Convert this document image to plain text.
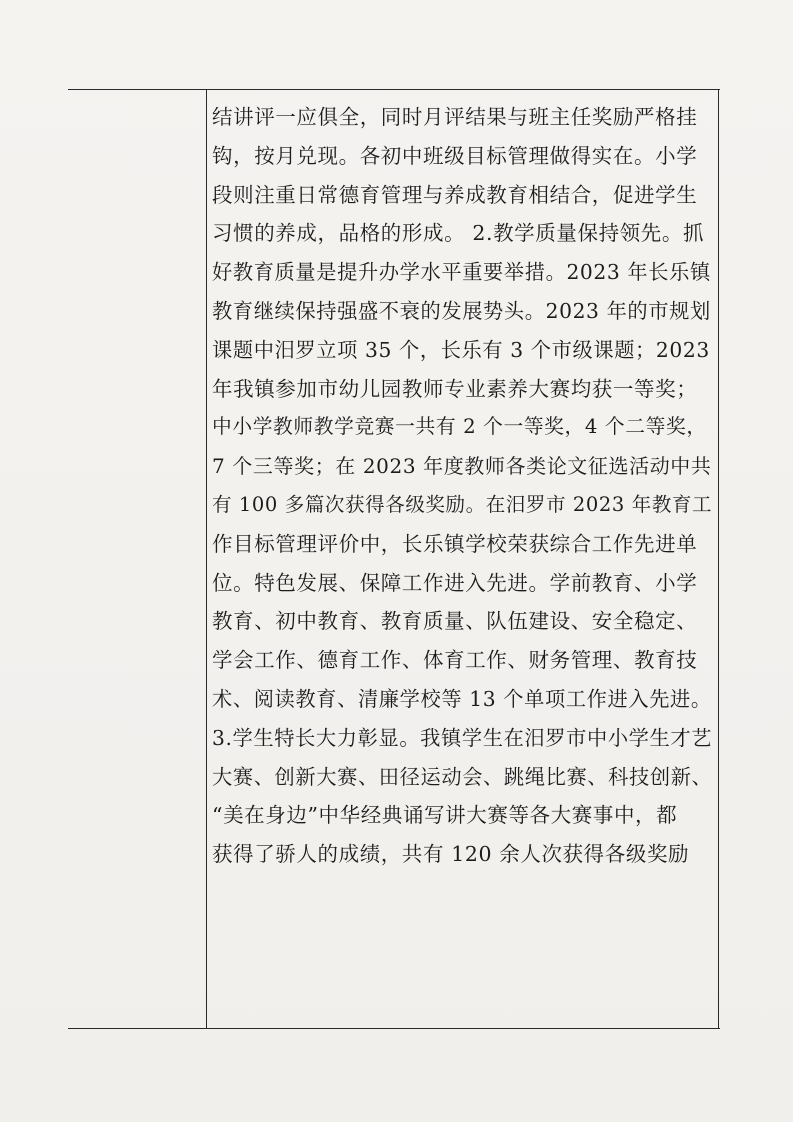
结讲评一应俱全，同时月评结果与班主任奖励严格挂
钩，按月兑现。各初中班级目标管理做得实在。小学
段则注重日常德育管理与养成教育相结合，促进学生
习惯的养成，品格的形成。 2.教学质量保持领先。抓
好教育质量是提升办学水平重要举措。2023 年长乐镇
教育继续保持强盛不衰的发展势头。2023 年的市规划
课题中汨罗立项 35 个，长乐有 3 个市级课题；2023
年我镇参加市幼儿园教师专业素养大赛均获一等奖；
中小学教师教学竞赛一共有 2 个一等奖，4 个二等奖，
7 个三等奖；在 2023 年度教师各类论文征选活动中共
有 100 多篇次获得各级奖励。在汨罗市 2023 年教育工
作目标管理评价中，长乐镇学校荣获综合工作先进单
位。特色发展、保障工作进入先进。学前教育、小学
教育、初中教育、教育质量、队伍建设、安全稳定、
学会工作、德育工作、体育工作、财务管理、教育技
术、阅读教育、清廉学校等 13 个单项工作进入先进。
3.学生特长大力彰显。我镇学生在汨罗市中小学生才艺
大赛、创新大赛、田径运动会、跳绳比赛、科技创新、
“美在身边”中华经典诵写讲大赛等各大赛事中，都
获得了骄人的成绩，共有 120 余人次获得各级奖励
